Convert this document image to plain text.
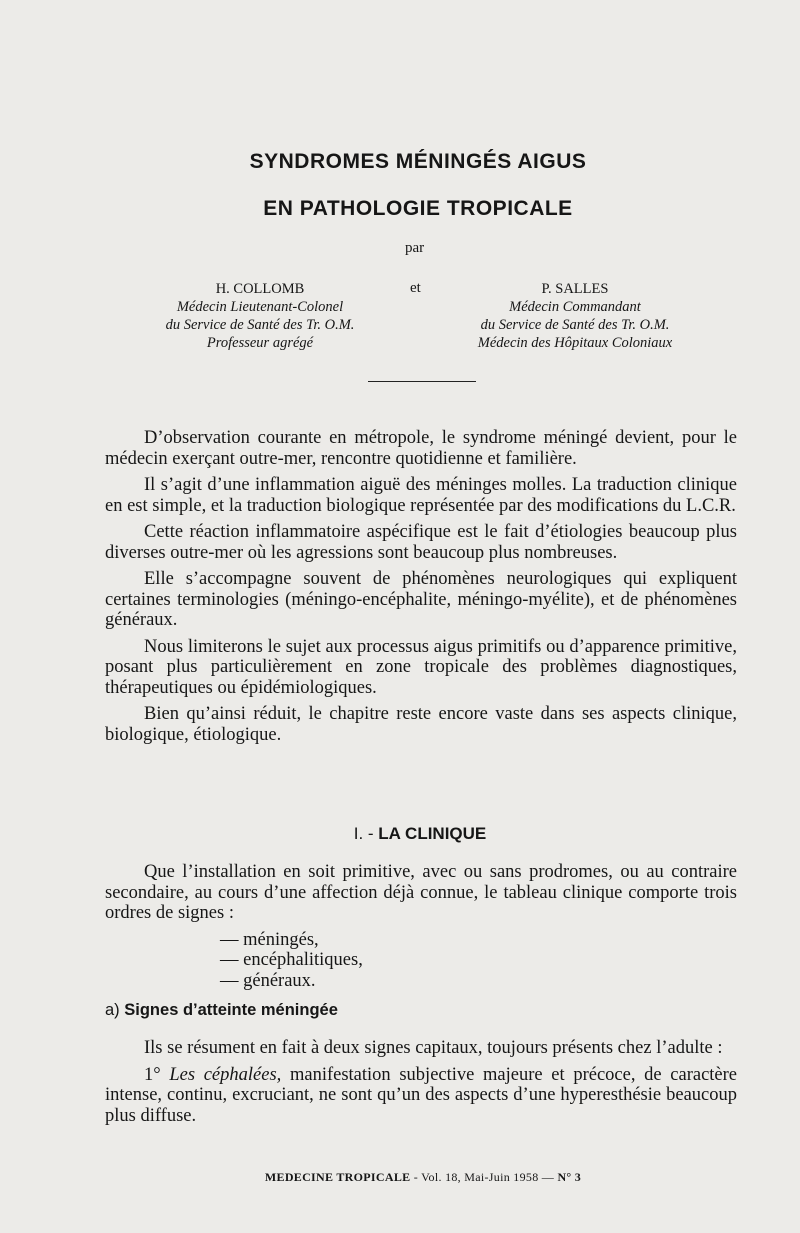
SYNDROMES MÉNINGÉS AIGUS
EN PATHOLOGIE TROPICALE
par
et
H. COLLOMB
Médecin Lieutenant-Colonel
du Service de Santé des Tr. O.M.
Professeur agrégé
P. SALLES
Médecin Commandant
du Service de Santé des Tr. O.M.
Médecin des Hôpitaux Coloniaux

D’observation courante en métropole, le syndrome méningé devient, pour le médecin exerçant outre-mer, rencontre quotidienne et familière.

Il s’agit d’une inflammation aiguë des méninges molles. La traduction clinique en est simple, et la traduction biologique représentée par des modifications du L.C.R.

Cette réaction inflammatoire aspécifique est le fait d’étiologies beaucoup plus diverses outre-mer où les agressions sont beaucoup plus nombreuses.

Elle s’accompagne souvent de phénomènes neurologiques qui expliquent certaines terminologies (méningo-encéphalite, méningo-myélite), et de phénomènes généraux.

Nous limiterons le sujet aux processus aigus primitifs ou d’apparence primitive, posant plus particulièrement en zone tropicale des problèmes diagnostiques, thérapeutiques ou épidémiologiques.

Bien qu’ainsi réduit, le chapitre reste encore vaste dans ses aspects clinique, biologique, étiologique.

I. - LA CLINIQUE

Que l’installation en soit primitive, avec ou sans prodromes, ou au contraire secondaire, au cours d’une affection déjà connue, le tableau clinique comporte trois ordres de signes :

— méningés,
— encéphalitiques,
— généraux.
a) Signes d’atteinte méningée

Ils se résument en fait à deux signes capitaux, toujours présents chez l’adulte :

1° Les céphalées, manifestation subjective majeure et précoce, de caractère intense, continu, excruciant, ne sont qu’un des aspects d’une hyperesthésie beaucoup plus diffuse.

MEDECINE TROPICALE - Vol. 18, Mai-Juin 1958 — N° 3
